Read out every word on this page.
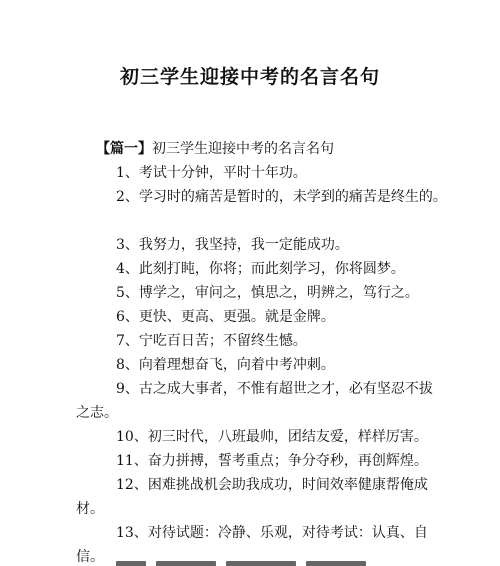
初三学生迎接中考的名言名句
【篇一】初三学生迎接中考的名言名句
1、考试十分钟，平时十年功。
2、学习时的痛苦是暂时的，未学到的痛苦是终生的。
3、我努力，我坚持，我一定能成功。
4、此刻打盹，你将；而此刻学习，你将圆梦。
5、博学之，审问之，慎思之，明辨之，笃行之。
6、更快、更高、更强。就是金牌。
7、宁吃百日苦；不留终生憾。
8、向着理想奋飞，向着中考冲刺。
9、古之成大事者，不惟有超世之才，必有坚忍不拔
之志。
10、初三时代，八班最帅，团结友爱，样样厉害。
11、奋力拼搏，誓考重点；争分夺秒，再创辉煌。
12、困难挑战机会助我成功，时间效率健康帮俺成
材。
13、对待试题：冷静、乐观，对待考试：认真、自
信。
